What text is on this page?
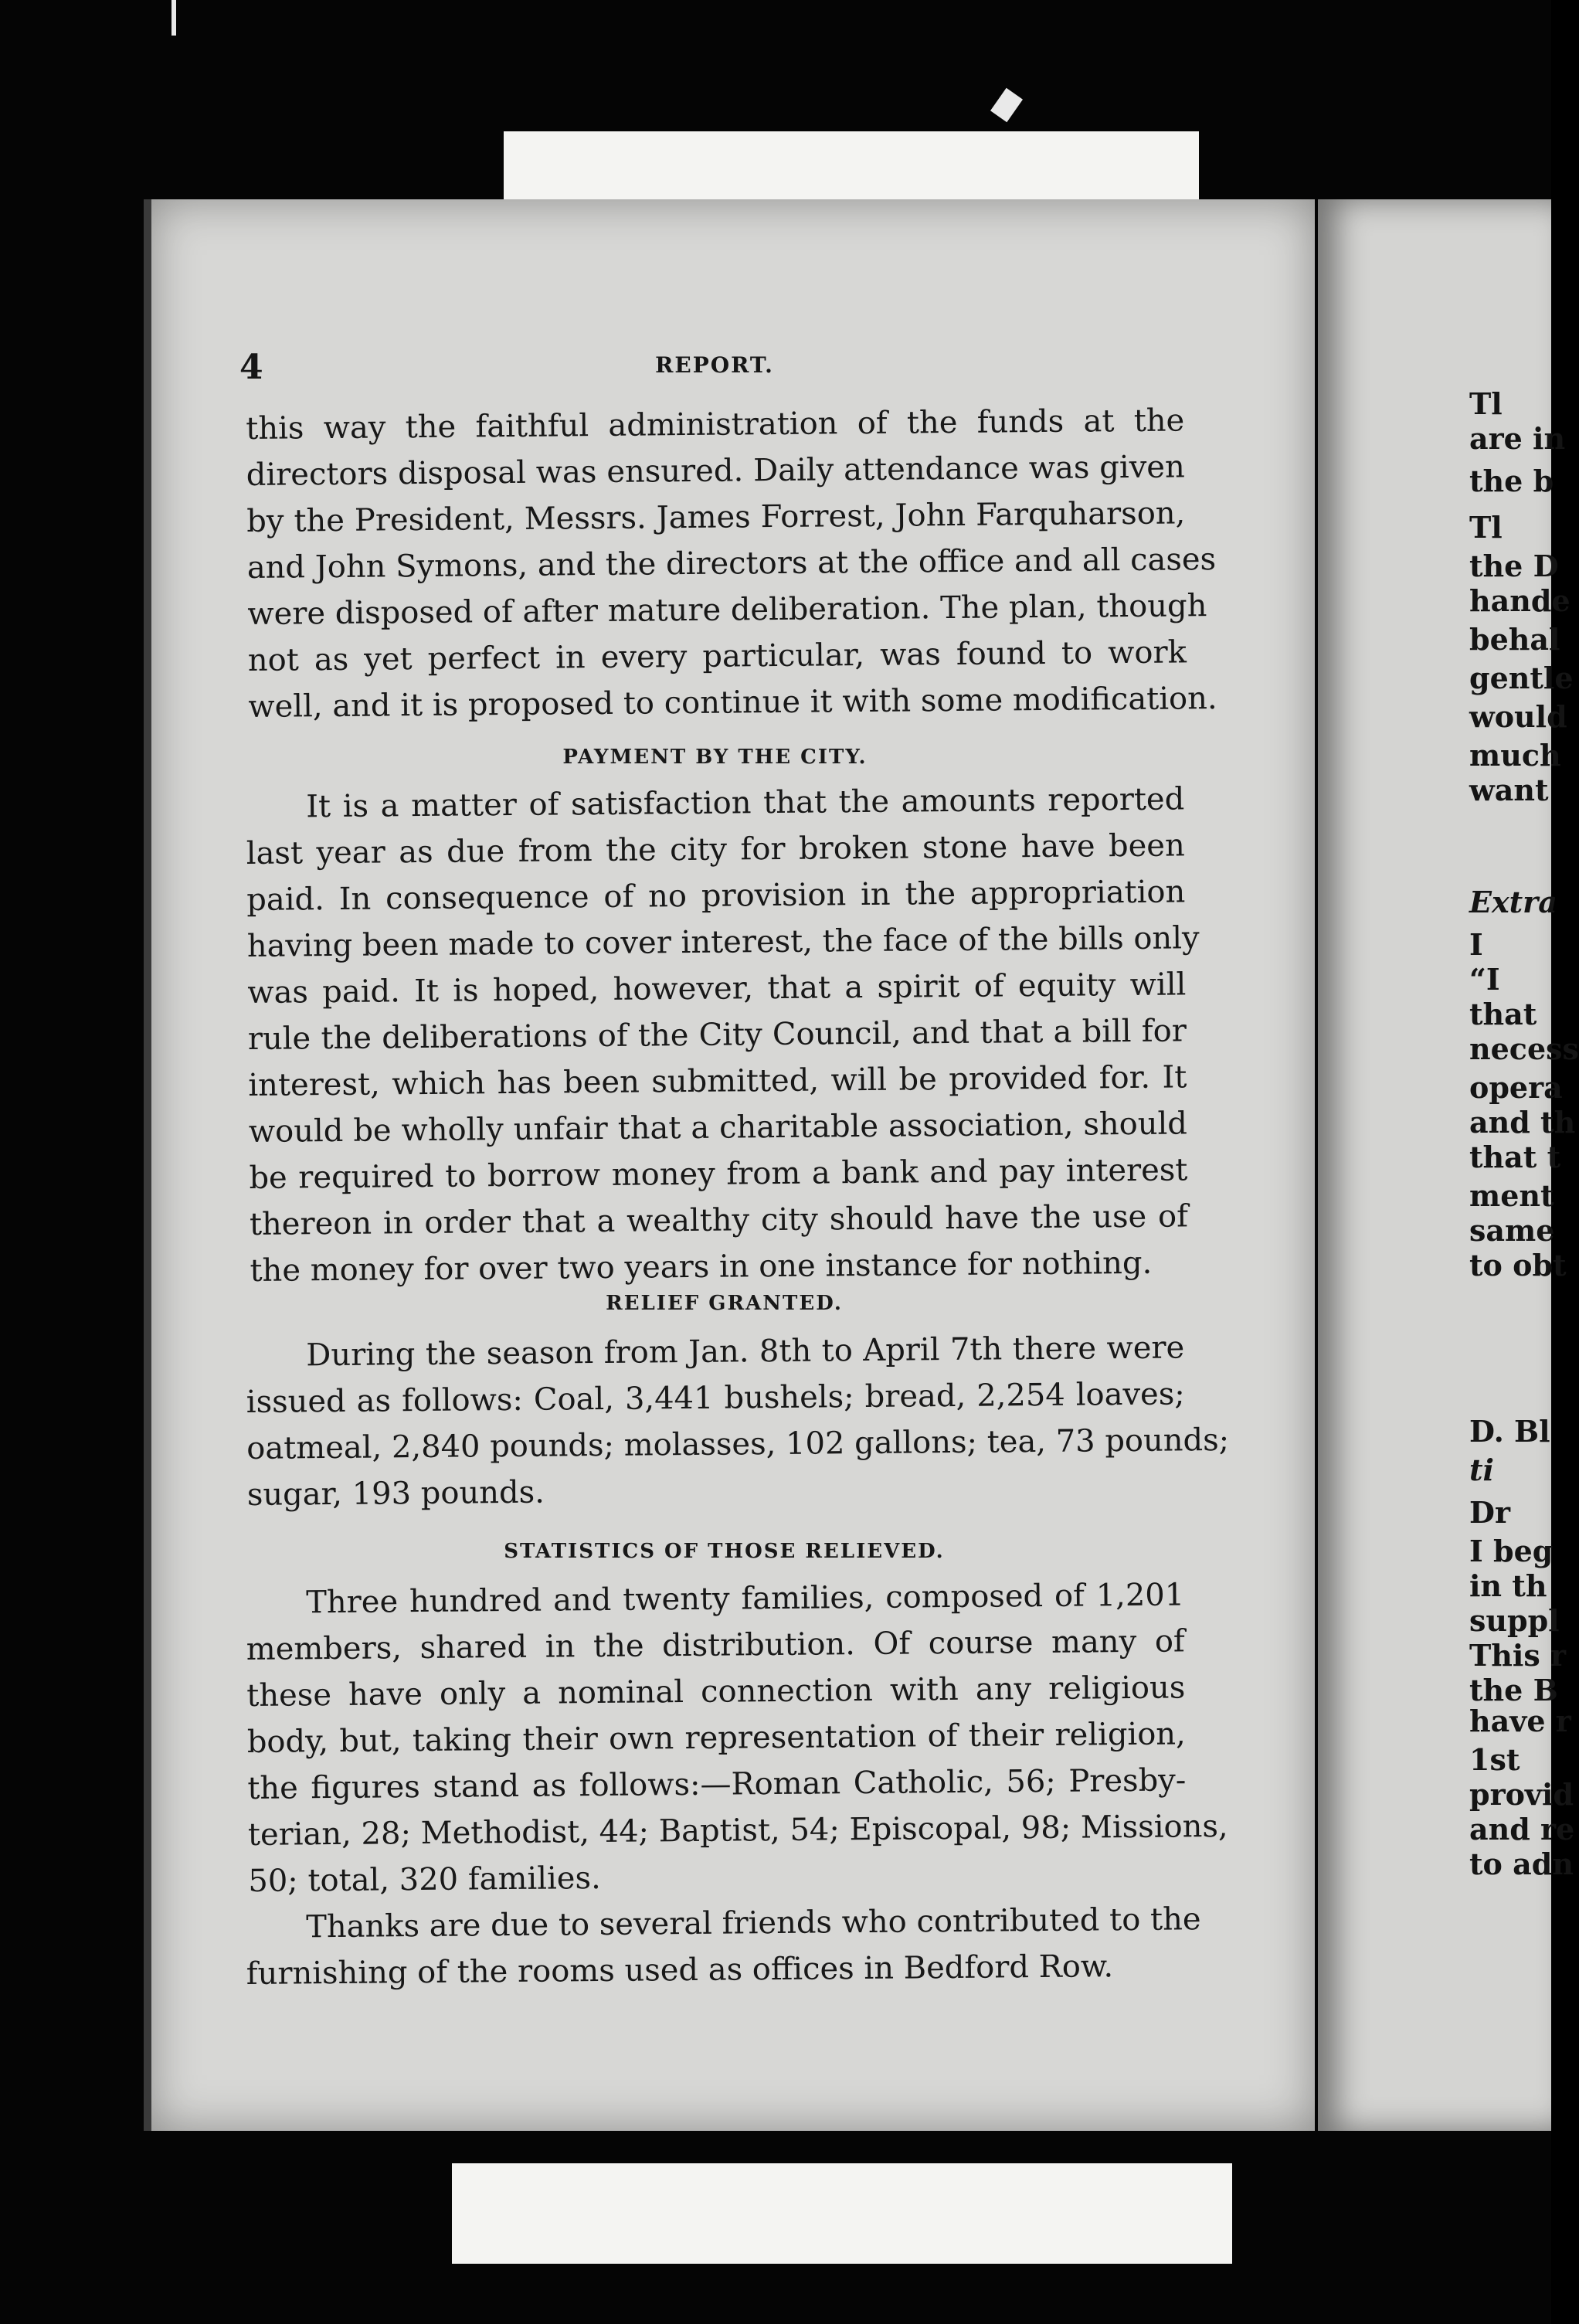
Tl
are in
the b
Tl
the D
hande
behal
gentle
would
much
want
Extra
I
“I
that
necess
opera
and th
that t
ment
same
to obt
D. Bl
ti
Dr
I beg
in th
suppl
This r
the B
have r
1st
provid
and re
to adn
4	REPORT.
this way the faithful administration of the funds at the
directors disposal was ensured. Daily attendance was given
by the President, Messrs. James Forrest, John Farquharson,
and John Symons, and the directors at the office and all cases
were disposed of after mature deliberation. The plan, though
not as yet perfect in every particular, was found to work
well, and it is proposed to continue it with some modification.
PAYMENT BY THE CITY.
It is a matter of satisfaction that the amounts reported
last year as due from the city for broken stone have been
paid. In consequence of no provision in the appropriation
having been made to cover interest, the face of the bills only
was paid. It is hoped, however, that a spirit of equity will
rule the deliberations of the City Council, and that a bill for
interest, which has been submitted, will be provided for. It
would be wholly unfair that a charitable association, should
be required to borrow money from a bank and pay interest
thereon in order that a wealthy city should have the use of
the money for over two years in one instance for nothing.
RELIEF GRANTED.
During the season from Jan. 8th to April 7th there were
issued as follows: Coal, 3,441 bushels; bread, 2,254 loaves;
oatmeal, 2,840 pounds; molasses, 102 gallons; tea, 73 pounds;
sugar, 193 pounds.
STATISTICS OF THOSE RELIEVED.
Three hundred and twenty families, composed of 1,201
members, shared in the distribution. Of course many of
these have only a nominal connection with any religious
body, but, taking their own representation of their religion,
the figures stand as follows:—Roman Catholic, 56; Presby-
terian, 28; Methodist, 44; Baptist, 54; Episcopal, 98; Missions,
50; total, 320 families.
Thanks are due to several friends who contributed to the
furnishing of the rooms used as offices in Bedford Row.
